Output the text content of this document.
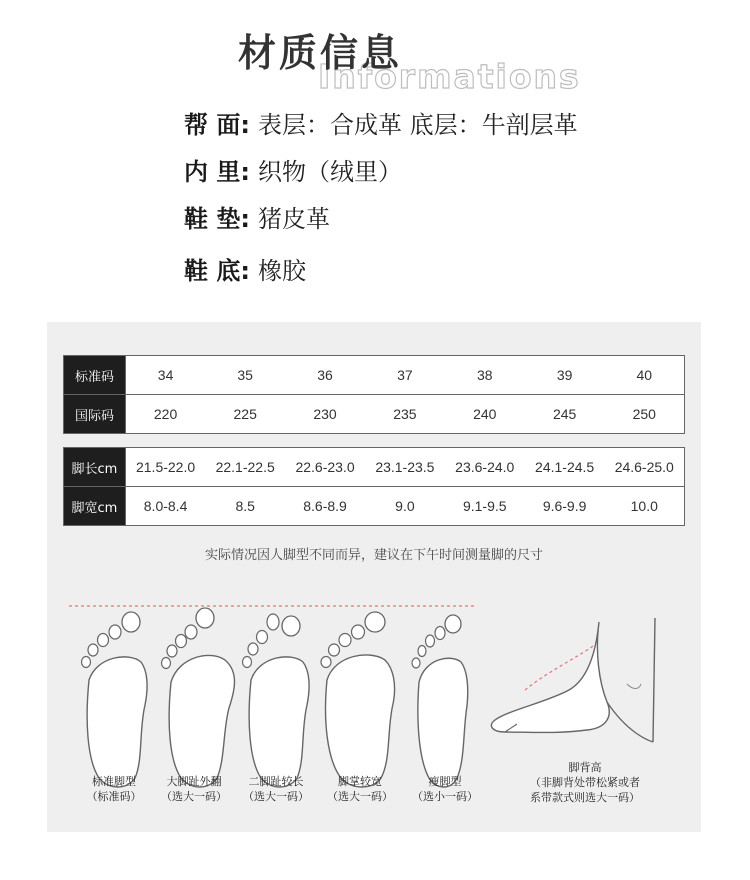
材质信息
Informations
帮 面: 表层：合成革 底层：牛剖层革
内 里: 织物（绒里）
鞋 垫: 猪皮革
鞋 底: 橡胶
标准码	34	35	36	37	38	39	40
国际码	220	225	230	235	240	245	250
脚长cm	21.5-22.0	22.1-22.5	22.6-23.0	23.1-23.5	23.6-24.0	24.1-24.5	24.6-25.0
脚宽cm	8.0-8.4	8.5	8.6-8.9	9.0	9.1-9.5	9.6-9.9	10.0
实际情况因人脚型不同而异，建议在下午时间测量脚的尺寸
标准脚型
（标准码）
大脚趾外翻
（选大一码）
二脚趾较长
（选大一码）
脚掌较宽
（选大一码）
瘦脚型
（选小一码）
脚背高
（非脚背处带松紧或者
系带款式则选大一码）
